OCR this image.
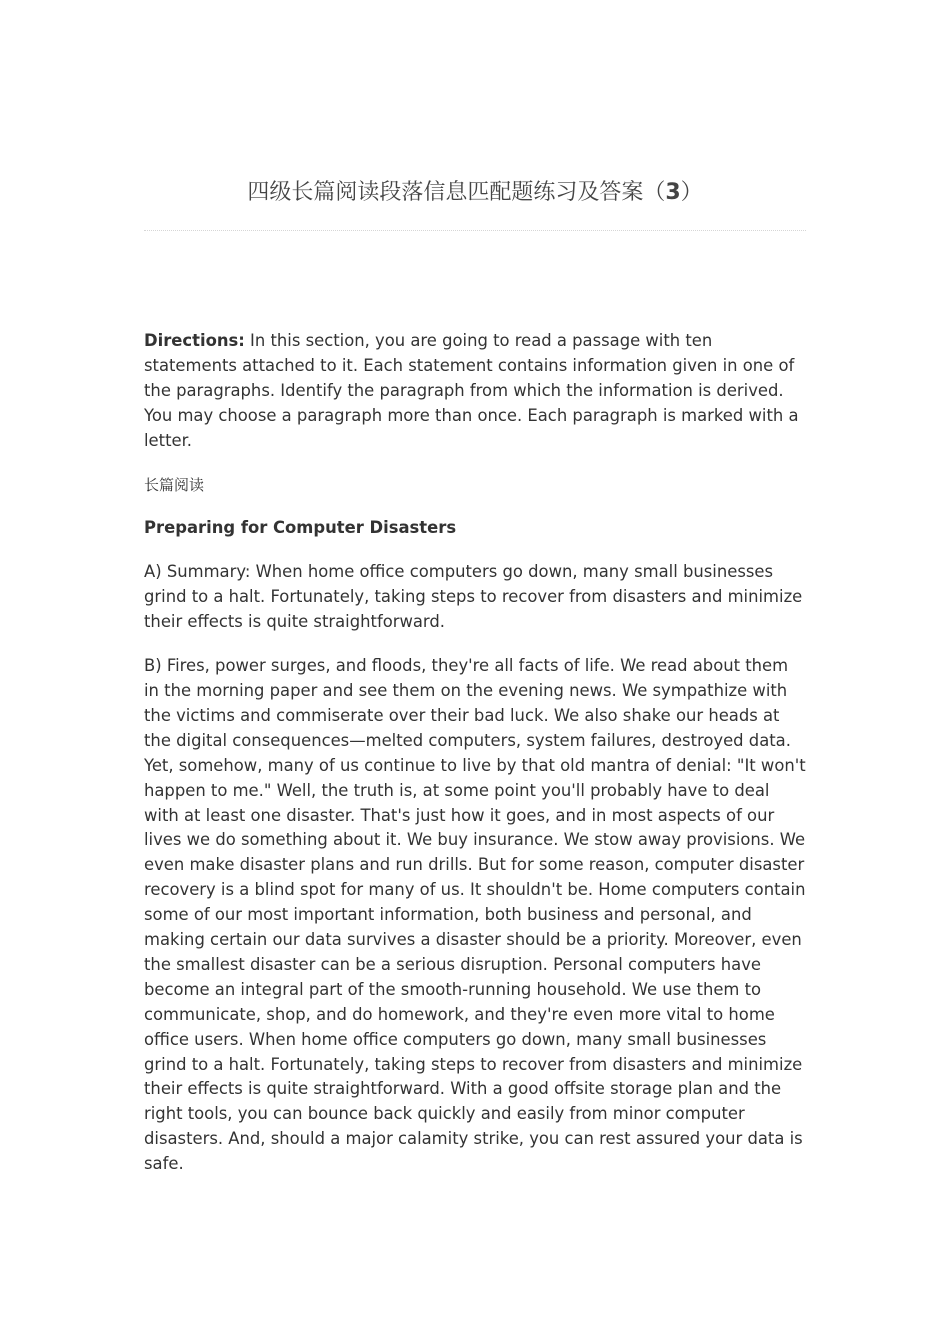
四级长篇阅读段落信息匹配题练习及答案（3）

Directions: In this section, you are going to read a passage with ten statements attached to it. Each statement contains information given in one of the paragraphs. Identify the paragraph from which the information is derived. You may choose a paragraph more than once. Each paragraph is marked with a letter.

长篇阅读

Preparing for Computer Disasters

A) Summary: When home office computers go down, many small businesses grind to a halt. Fortunately, taking steps to recover from disasters and minimize their effects is quite straightforward.

B) Fires, power surges, and floods, they're all facts of life. We read about them in the morning paper and see them on the evening news. We sympathize with the victims and commiserate over their bad luck. We also shake our heads at the digital consequences—melted computers, system failures, destroyed data. Yet, somehow, many of us continue to live by that old mantra of denial: "It won't happen to me." Well, the truth is, at some point you'll probably have to deal with at least one disaster. That's just how it goes, and in most aspects of our lives we do something about it. We buy insurance. We stow away provisions. We even make disaster plans and run drills. But for some reason, computer disaster recovery is a blind spot for many of us. It shouldn't be. Home computers contain some of our most important information, both business and personal, and making certain our data survives a disaster should be a priority. Moreover, even the smallest disaster can be a serious disruption. Personal computers have become an integral part of the smooth-running household. We use them to communicate, shop, and do homework, and they're even more vital to home office users. When home office computers go down, many small businesses grind to a halt. Fortunately, taking steps to recover from disasters and minimize their effects is quite straightforward. With a good offsite storage plan and the right tools, you can bounce back quickly and easily from minor computer disasters. And, should a major calamity strike, you can rest assured your data is safe.
